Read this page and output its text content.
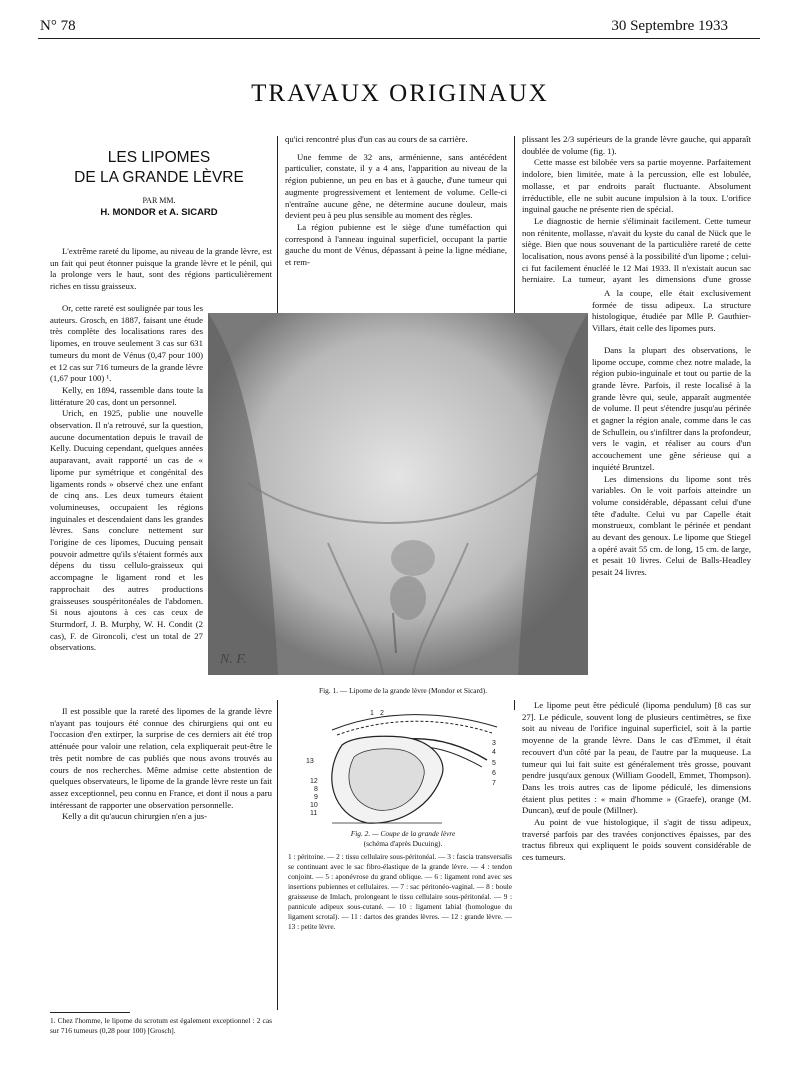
N° 78	30 Septembre 1933
TRAVAUX ORIGINAUX
LES LIPOMES
DE LA GRANDE LÈVRE
PAR MM.
H. MONDOR et A. SICARD

L'extrême rareté du lipome, au niveau de la grande lèvre, est un fait qui peut étonner puisque la grande lèvre et le pénil, qui la prolonge vers le haut, sont des régions particulièrement riches en tissu graisseux.

Or, cette rareté est soulignée par tous les auteurs. Grosch, en 1887, faisant une étude très complète des localisations rares des lipomes, en trouve seulement 3 cas sur 631 tumeurs du mont de Vénus (0,47 pour 100) et 12 cas sur 716 tumeurs de la grande lèvre (1,67 pour 100) ¹.

Kelly, en 1894, rassemble dans toute la littérature 20 cas, dont un personnel.

Urich, en 1925, publie une nouvelle observation. Il n'a retrouvé, sur la question, aucune documentation depuis le travail de Kelly. Ducuing cependant, quelques années auparavant, avait rapporté un cas de « lipome pur symétrique et congénital des ligaments ronds » observé chez une enfant de cinq ans. Les deux tumeurs étaient volumineuses, occupaient les régions inguinales et descendaient dans les grandes lèvres. Sans conclure nettement sur l'origine de ces lipomes, Ducuing pensait pouvoir admettre qu'ils s'étaient formés aux dépens du tissu cellulo-graisseux qui accompagne le ligament rond et les rapprochait des autres productions graisseuses souspéritonéales de l'abdomen. Si nous ajoutons à ces cas ceux de Sturmdorf, J. B. Murphy, W. H. Condit (2 cas), F. de Gironcoli, c'est un total de 27 observations.

Il est possible que la rareté des lipomes de la grande lèvre n'ayant pas toujours été connue des chirurgiens qui ont eu l'occasion d'en extirper, la surprise de ces derniers ait été trop atténuée pour valoir une relation, cela expliquerait peut-être le très petit nombre de cas publiés que nous avons trouvés au cours de nos recherches. Même admise cette abstention de quelques observateurs, le lipome de la grande lèvre reste un fait assez exceptionnel, peu connu en France, et dont il nous a paru intéressant de rapporter une observation personnelle.

Kelly a dit qu'aucun chirurgien n'en a jus-

1. Chez l'homme, le lipome du scrotum est également exceptionnel : 2 cas sur 716 tumeurs (0,28 pour 100) [Grosch].

qu'ici rencontré plus d'un cas au cours de sa carrière.

Une femme de 32 ans, arménienne, sans antécédent particulier, constate, il y a 4 ans, l'apparition au niveau de la région pubienne, un peu en bas et à gauche, d'une tumeur qui augmente progressivement et lentement de volume. Celle-ci n'entraîne aucune gêne, ne détermine aucune douleur, mais devient peu à peu plus sensible au moment des règles.

La région pubienne est le siège d'une tuméfaction qui correspond à l'anneau inguinal superficiel, occupant la partie gauche du mont de Vénus, dépassant à peine la ligne médiane, et rem-

plissant les 2/3 supérieurs de la grande lèvre gauche, qui apparaît doublée de volume (fig. 1).

Cette masse est bilobée vers sa partie moyenne. Parfaitement indolore, bien limitée, mate à la percussion, elle est lobulée, mollasse, et par endroits paraît fluctuante. Absolument irréductible, elle ne subit aucune impulsion à la toux. L'orifice inguinal gauche ne présente rien de spécial.

Le diagnostic de hernie s'éliminait facilement. Cette tumeur non rénitente, mollasse, n'avait du kyste du canal de Nück que le siège. Bien que nous souvenant de la particulière rareté de cette localisation, nous avons pensé à la possibilité d'un lipome ; celui-ci fut facilement énucléé le 12 Mai 1933. Il n'existait aucun sac herniaire. La tumeur, ayant les dimensions d'une grosse

A la coupe, elle était exclusivement formée de tissu adipeux. La structure histologique, étudiée par Mlle P. Gauthier-Villars, était celle des lipomes purs.

Dans la plupart des observations, le lipome occupe, comme chez notre malade, la région pubio-inguinale et tout ou partie de la grande lèvre. Parfois, il reste localisé à la grande lèvre qui, seule, apparaît augmentée de volume. Il peut s'étendre jusqu'au périnée et gagner la région anale, comme dans le cas de Schullein, ou s'infiltrer dans la profondeur, vers le vagin, et réaliser au cours d'un accouchement une gêne sérieuse qui a inquiété Bruntzel.

Les dimensions du lipome sont très variables. On le voit parfois atteindre un volume considérable, dépassant celui d'une tête d'adulte. Celui vu par Capelle était monstrueux, comblant le périnée et pendant au devant des genoux. Le lipome que Stiegel a opéré avait 55 cm. de long, 15 cm. de large, et pesait 10 livres. Celui de Balls-Headley pesait 24 livres.

Le lipome peut être pédiculé (lipoma pendulum) [8 cas sur 27]. Le pédicule, souvent long de plusieurs centimètres, se fixe soit au niveau de l'orifice inguinal superficiel, soit à la partie moyenne de la grande lèvre. Dans le cas d'Emmet, il était recouvert d'un côté par la peau, de l'autre par la muqueuse. La tumeur qui lui fait suite est généralement très grosse, pouvant pendre jusqu'aux genoux (William Goodell, Emmet, Thompson). Dans les trois autres cas de lipome pédiculé, les dimensions étaient plus petites : « main d'homme » (Graefe), orange (M. Duncan), œuf de poule (Millner).

Au point de vue histologique, il s'agit de tissu adipeux, traversé parfois par des travées conjonctives épaisses, par des tractus fibreux qui expliquent le poids souvent considérable de ces tumeurs.

N. F.
Fig. 1. — Lipome de la grande lèvre (Mondor et Sicard).
1 2
3
4
5
6
7
8
9
10
11
12
13
Fig. 2. — Coupe de la grande lèvre
(schéma d'après Ducuing).
1 : péritoine. — 2 : tissu cellulaire sous-péritonéal. — 3 : fascia transversalis se continuant avec le sac fibro-élastique de la grande lèvre. — 4 : tendon conjoint. — 5 : aponévrose du grand oblique. — 6 : ligament rond avec ses insertions pubiennes et cellulaires. — 7 : sac péritonéo-vaginal. — 8 : boule graisseuse de Imlach, prolongeant le tissu cellulaire sous-péritonéal. — 9 : pannicule adipeux sous-cutané. — 10 : ligament labial (homologue du ligament scrotal). — 11 : dartos des grandes lèvres. — 12 : grande lèvre. — 13 : petite lèvre.
